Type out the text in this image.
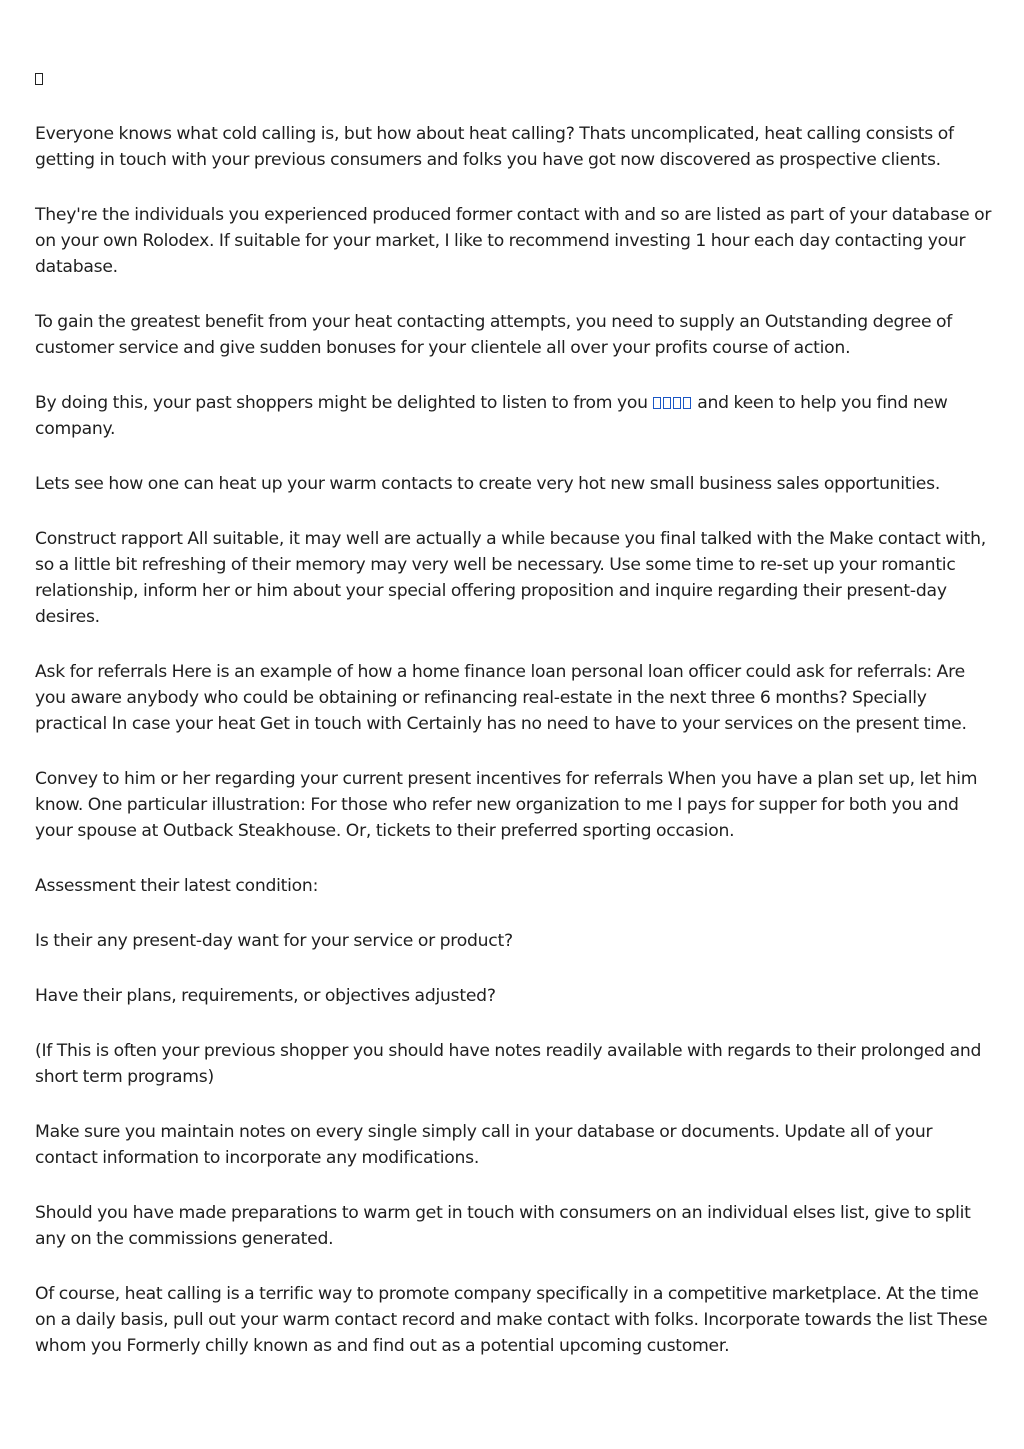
Everyone knows what cold calling is, but how about heat calling? Thats uncomplicated, heat calling consists of getting in touch with your previous consumers and folks you have got now discovered as prospective clients.

They're the individuals you experienced produced former contact with and so are listed as part of your database or on your own Rolodex. If suitable for your market, I like to recommend investing 1 hour each day contacting your database.

To gain the greatest benefit from your heat contacting attempts, you need to supply an Outstanding degree of customer service and give sudden bonuses for your clientele all over your profits course of action.

By doing this, your past shoppers might be delighted to listen to from you  and keen to help you find new company.

Lets see how one can heat up your warm contacts to create very hot new small business sales opportunities.

Construct rapport All suitable, it may well are actually a while because you final talked with the Make contact with, so a little bit refreshing of their memory may very well be necessary. Use some time to re-set up your romantic relationship, inform her or him about your special offering proposition and inquire regarding their present-day desires.

Ask for referrals Here is an example of how a home finance loan personal loan officer could ask for referrals: Are you aware anybody who could be obtaining or refinancing real-estate in the next three 6 months? Specially practical In case your heat Get in touch with Certainly has no need to have to your services on the present time.

Convey to him or her regarding your current present incentives for referrals When you have a plan set up, let him know. One particular illustration: For those who refer new organization to me I pays for supper for both you and your spouse at Outback Steakhouse. Or, tickets to their preferred sporting occasion.

Assessment their latest condition:

Is their any present-day want for your service or product?

Have their plans, requirements, or objectives adjusted?

(If This is often your previous shopper you should have notes readily available with regards to their prolonged and short term programs)

Make sure you maintain notes on every single simply call in your database or documents. Update all of your contact information to incorporate any modifications.

Should you have made preparations to warm get in touch with consumers on an individual elses list, give to split any on the commissions generated.

Of course, heat calling is a terrific way to promote company specifically in a competitive marketplace. At the time on a daily basis, pull out your warm contact record and make contact with folks. Incorporate towards the list These whom you Formerly chilly known as and find out as a potential upcoming customer.
